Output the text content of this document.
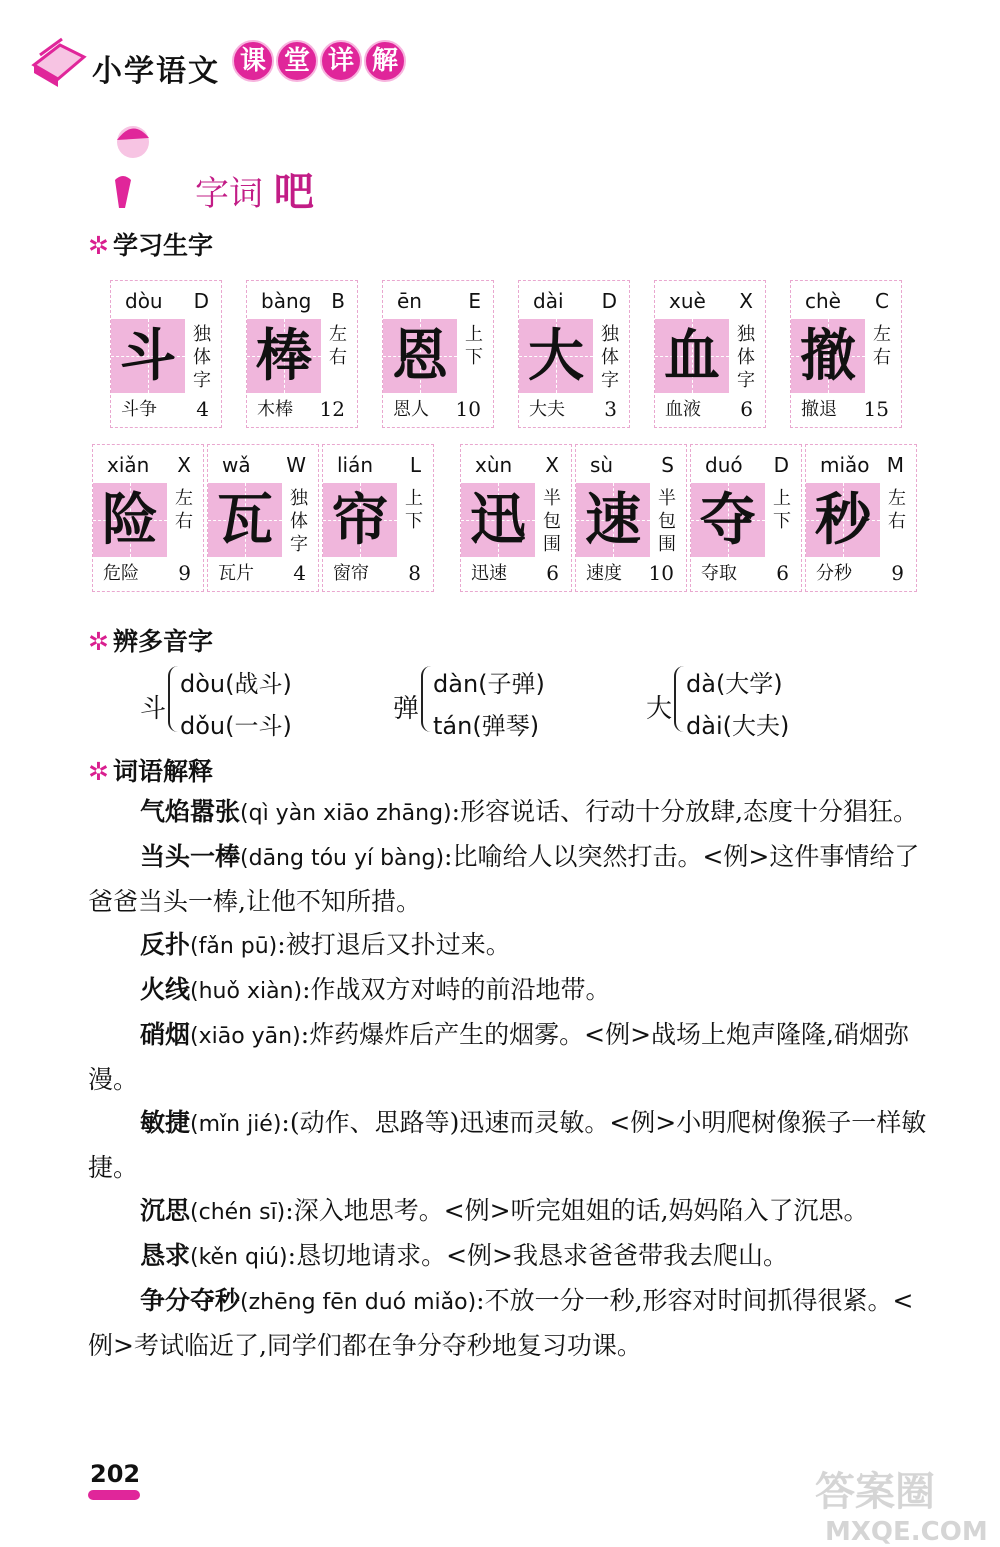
小学语文 课 堂 详 解
字词 吧
✲ 学习生字
dòu D
斗 独
体
字
斗争 4
bàng B
棒 左
右
木棒 12
ēn E
恩 上
下
恩人 10
dài D
大 独
体
字
大夫 3
xuè X
血 独
体
字
血液 6
chè C
撤 左
右
撤退 15
xiǎn X
险 左
右
危险 9
wǎ W
瓦 独
体
字
瓦片 4
lián L
帘 上
下
窗帘 8
xùn X
迅 半
包
围
迅速 6
sù S
速 半
包
围
速度 10
duó D
夺 上
下
夺取 6
miǎo M
秒 左
右
分秒 9
✲ 辨多音字
斗
dòu(战斗)
dǒu(一斗)
弹
dàn(子弹)
tán(弹琴)
大
dà(大学)
dài(大夫)
✲ 词语解释

气焰嚣张(qì yàn xiāo zhāng):形容说话、行动十分放肆,态度十分猖狂。

当头一棒(dāng tóu yí bàng):比喻给人以突然打击。<例>这件事情给了爸爸当头一棒,让他不知所措。

反扑(fǎn pū):被打退后又扑过来。

火线(huǒ xiàn):作战双方对峙的前沿地带。

硝烟(xiāo yān):炸药爆炸后产生的烟雾。<例>战场上炮声隆隆,硝烟弥漫。

敏捷(mǐn jié):(动作、思路等)迅速而灵敏。<例>小明爬树像猴子一样敏捷。

沉思(chén sī):深入地思考。<例>听完姐姐的话,妈妈陷入了沉思。

恳求(kěn qiú):恳切地请求。<例>我恳求爸爸带我去爬山。

争分夺秒(zhēng fēn duó miǎo):不放一分一秒,形容对时间抓得很紧。<例>考试临近了,同学们都在争分夺秒地复习功课。

202	答案圈
MXQE.COM
